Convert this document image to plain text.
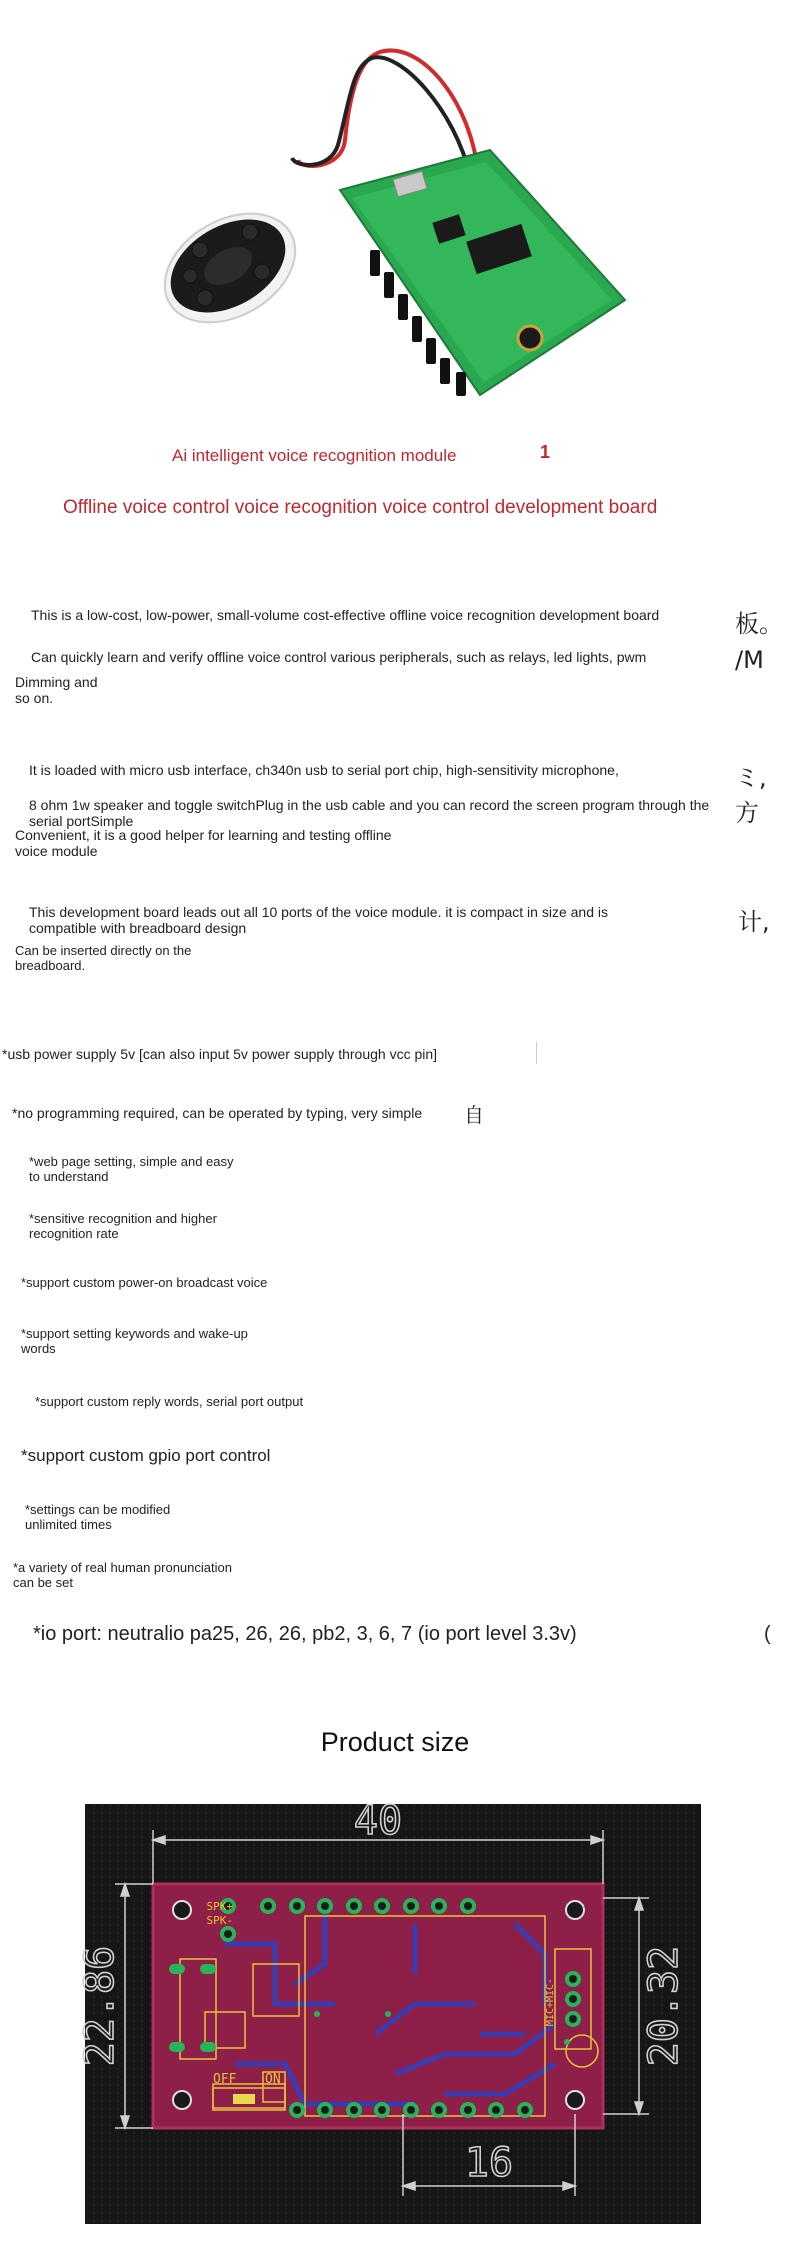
Ai intelligent voice recognition module	1
Offline voice control voice recognition voice control development board
This is a low-cost, low-power, small-volume cost-effective offline voice recognition development board	板。
Can quickly learn and verify offline voice control various peripherals, such as relays, led lights, pwm	/M
Dimming and
so on.
It is loaded with micro usb interface, ch340n usb to serial port chip, high-sensitivity microphone,	ミ,
8 ohm 1w speaker and toggle switchPlug in the usb cable and you can record the screen program through the serial portSimple	方
Convenient, it is a good helper for learning and testing offline
voice module
This development board leads out all 10 ports of the voice module. it is compact in size and is
compatible with breadboard design	计,
Can be inserted directly on the
breadboard.
*usb power supply 5v [can also input 5v power supply through vcc pin]
*no programming required, can be operated by typing, very simple 自
*web page setting, simple and easy
to understand
*sensitive recognition and higher
recognition rate
*support custom power-on broadcast voice
*support setting keywords and wake-up
words
*support custom reply words, serial port output
*support custom gpio port control
*settings can be modified
unlimited times
*a variety of real human pronunciation
can be set
*io port: neutralio pa25, 26, 26, pb2, 3, 6, 7 (io port level 3.3v)	(
Product size
SPK+
SPK-
OFF ON
MIC+MIC-
40
22.86	20.32
16
